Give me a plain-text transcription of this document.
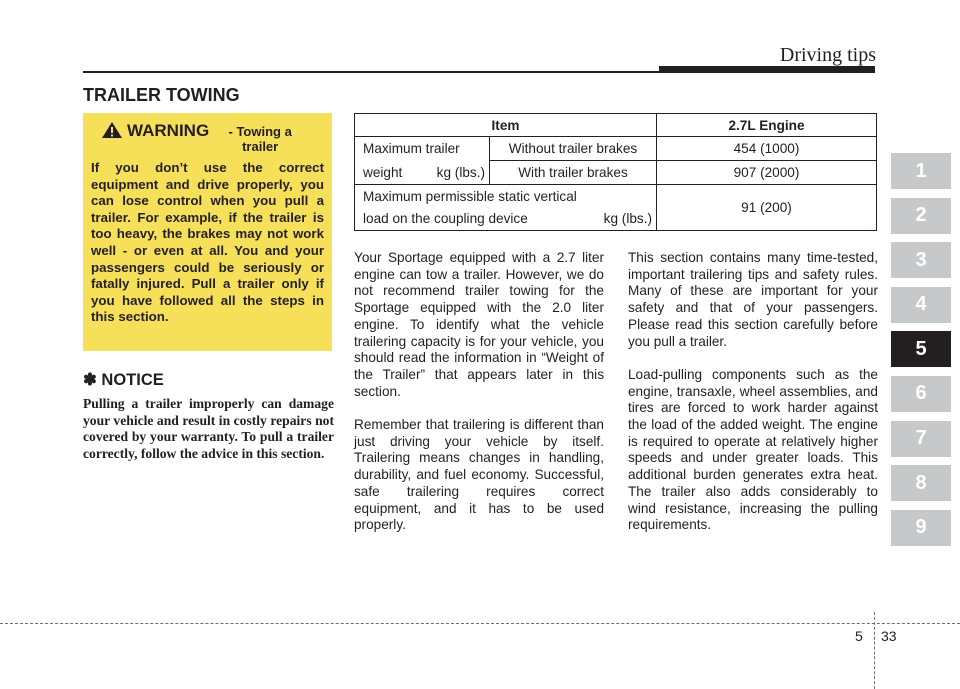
Driving tips
TRAILER TOWING
WARNING	- Towing a trailer
If you don’t use the correct equipment and drive properly, you can lose control when you pull a trailer. For example, if the trailer is too heavy, the brakes may not work well - or even at all. You and your passengers could be seriously or fatally injured. Pull a trailer only if you have followed all the steps in this section.
✽ NOTICE
Pulling a trailer improperly can damage your vehicle and result in costly repairs not covered by your warranty. To pull a trailer correctly, follow the advice in this section.
Item		2.7L Engine
Maximum trailer	Without trailer brakes	454 (1000)

weight kg (lbs.)	With trailer brakes	907 (2000)

Maximum permissible static vertical
load on the coupling device kg (lbs.)		91 (200)

Your Sportage equipped with a 2.7 liter engine can tow a trailer. However, we do not recommend trailer towing for the Sportage equipped with the 2.0 liter engine. To identify what the vehicle trailering capacity is for your vehicle, you should read the information in “Weight of the Trailer” that appears later in this section.

Remember that trailering is different than just driving your vehicle by itself. Trailering means changes in handling, durability, and fuel economy. Successful, safe trailering requires correct equipment, and it has to be used properly.

This section contains many time-tested, important trailering tips and safety rules. Many of these are important for your safety and that of your passengers. Please read this section carefully before you pull a trailer.

Load-pulling components such as the engine, transaxle, wheel assemblies, and tires are forced to work harder against the load of the added weight. The engine is required to operate at relatively higher speeds and under greater loads. This additional burden generates extra heat. The trailer also adds considerably to wind resistance, increasing the pulling requirements.

1
2
3
4
5
6
7
8
9
5 33
